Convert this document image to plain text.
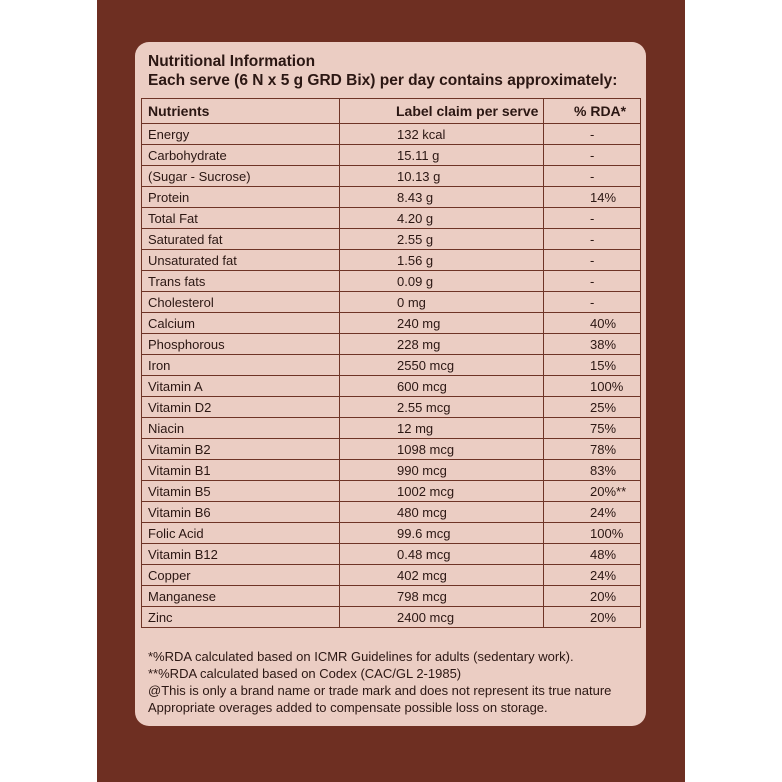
Nutritional Information
Each serve (6 N x 5 g GRD Bix) per day contains approximately:
Nutrients	Label claim per serve	% RDA*
Energy	132 kcal	-
Carbohydrate	15.11 g	-
(Sugar - Sucrose)	10.13 g	-
Protein	8.43 g	14%
Total Fat	4.20 g	-
Saturated fat	2.55 g	-
Unsaturated fat	1.56 g	-
Trans fats	0.09 g	-
Cholesterol	0 mg	-
Calcium	240 mg	40%
Phosphorous	228 mg	38%
Iron	2550 mcg	15%
Vitamin A	600 mcg	100%
Vitamin D2	2.55 mcg	25%
Niacin	12 mg	75%
Vitamin B2	1098 mcg	78%
Vitamin B1	990 mcg	83%
Vitamin B5	1002 mcg	20%**
Vitamin B6	480 mcg	24%
Folic Acid	99.6 mcg	100%
Vitamin B12	0.48 mcg	48%
Copper	402 mcg	24%
Manganese	798 mcg	20%
Zinc	2400 mcg	20%
*%RDA calculated based on ICMR Guidelines for adults (sedentary work).
**%RDA calculated based on Codex (CAC/GL 2-1985)
@This is only a brand name or trade mark and does not represent its true nature
Appropriate overages added to compensate possible loss on storage.
